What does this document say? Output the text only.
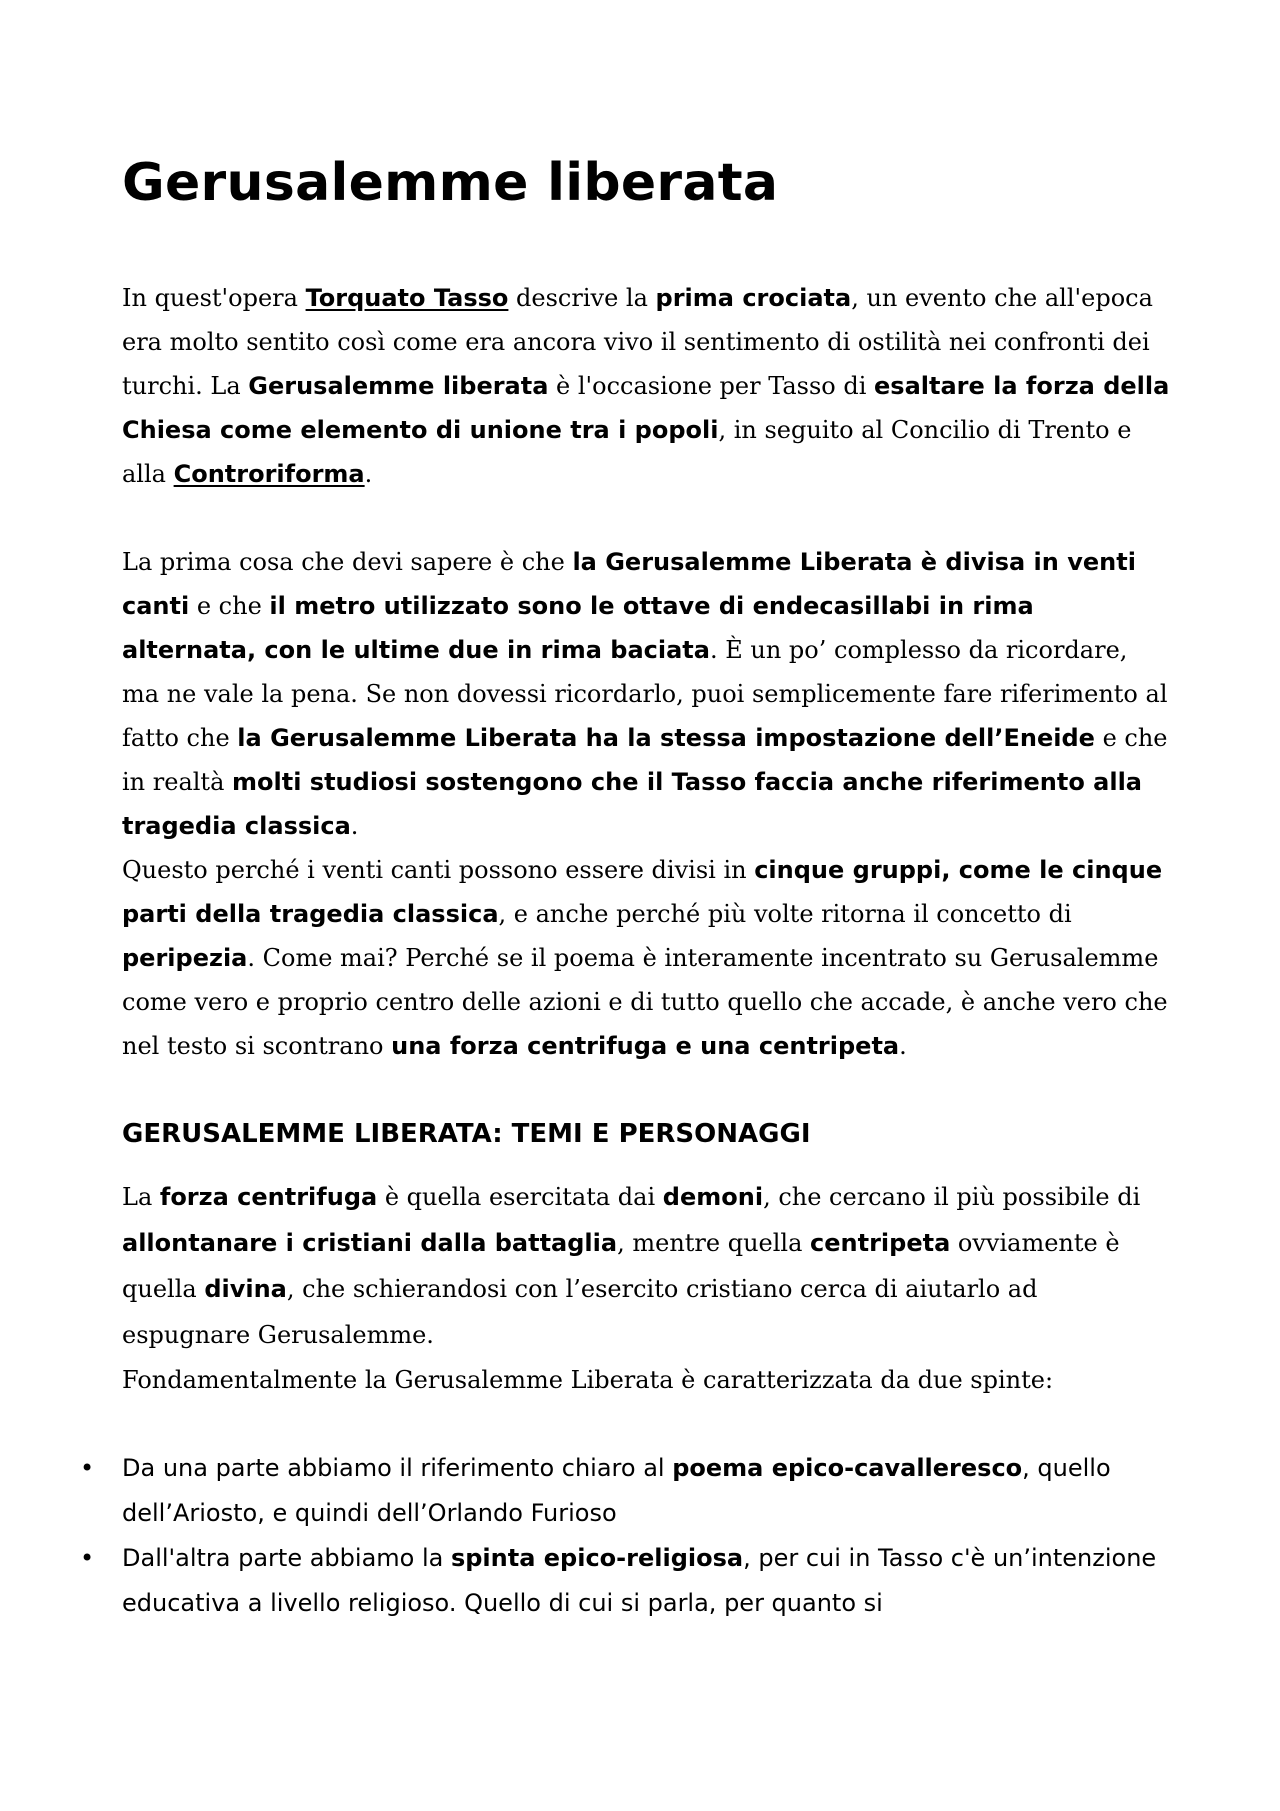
Gerusalemme liberata

In quest'opera Torquato Tasso descrive la prima crociata, un evento che all'epoca era molto sentito così come era ancora vivo il sentimento di ostilità nei confronti dei turchi. La Gerusalemme liberata è l'occasione per Tasso di esaltare la forza della Chiesa come elemento di unione tra i popoli, in seguito al Concilio di Trento e alla Controriforma.

La prima cosa che devi sapere è che la Gerusalemme Liberata è divisa in venti canti e che il metro utilizzato sono le ottave di endecasillabi in rima alternata, con le ultime due in rima baciata. È un po’ complesso da ricordare, ma ne vale la pena. Se non dovessi ricordarlo, puoi semplicemente fare riferimento al fatto che la Gerusalemme Liberata ha la stessa impostazione dell’Eneide e che in realtà molti studiosi sostengono che il Tasso faccia anche riferimento alla tragedia classica.

Questo perché i venti canti possono essere divisi in cinque gruppi, come le cinque parti della tragedia classica, e anche perché più volte ritorna il concetto di peripezia. Come mai? Perché se il poema è interamente incentrato su Gerusalemme come vero e proprio centro delle azioni e di tutto quello che accade, è anche vero che nel testo si scontrano una forza centrifuga e una centripeta.

GERUSALEMME LIBERATA: TEMI E PERSONAGGI

La forza centrifuga è quella esercitata dai demoni, che cercano il più possibile di allontanare i cristiani dalla battaglia, mentre quella centripeta ovviamente è quella divina, che schierandosi con l’esercito cristiano cerca di aiutarlo ad espugnare Gerusalemme.

Fondamentalmente la Gerusalemme Liberata è caratterizzata da due spinte:

• Da una parte abbiamo il riferimento chiaro al poema epico-cavalleresco, quello dell’Ariosto, e quindi dell’Orlando Furioso
• Dall'altra parte abbiamo la spinta epico-religiosa, per cui in Tasso c'è un’intenzione educativa a livello religioso. Quello di cui si parla, per quanto si
